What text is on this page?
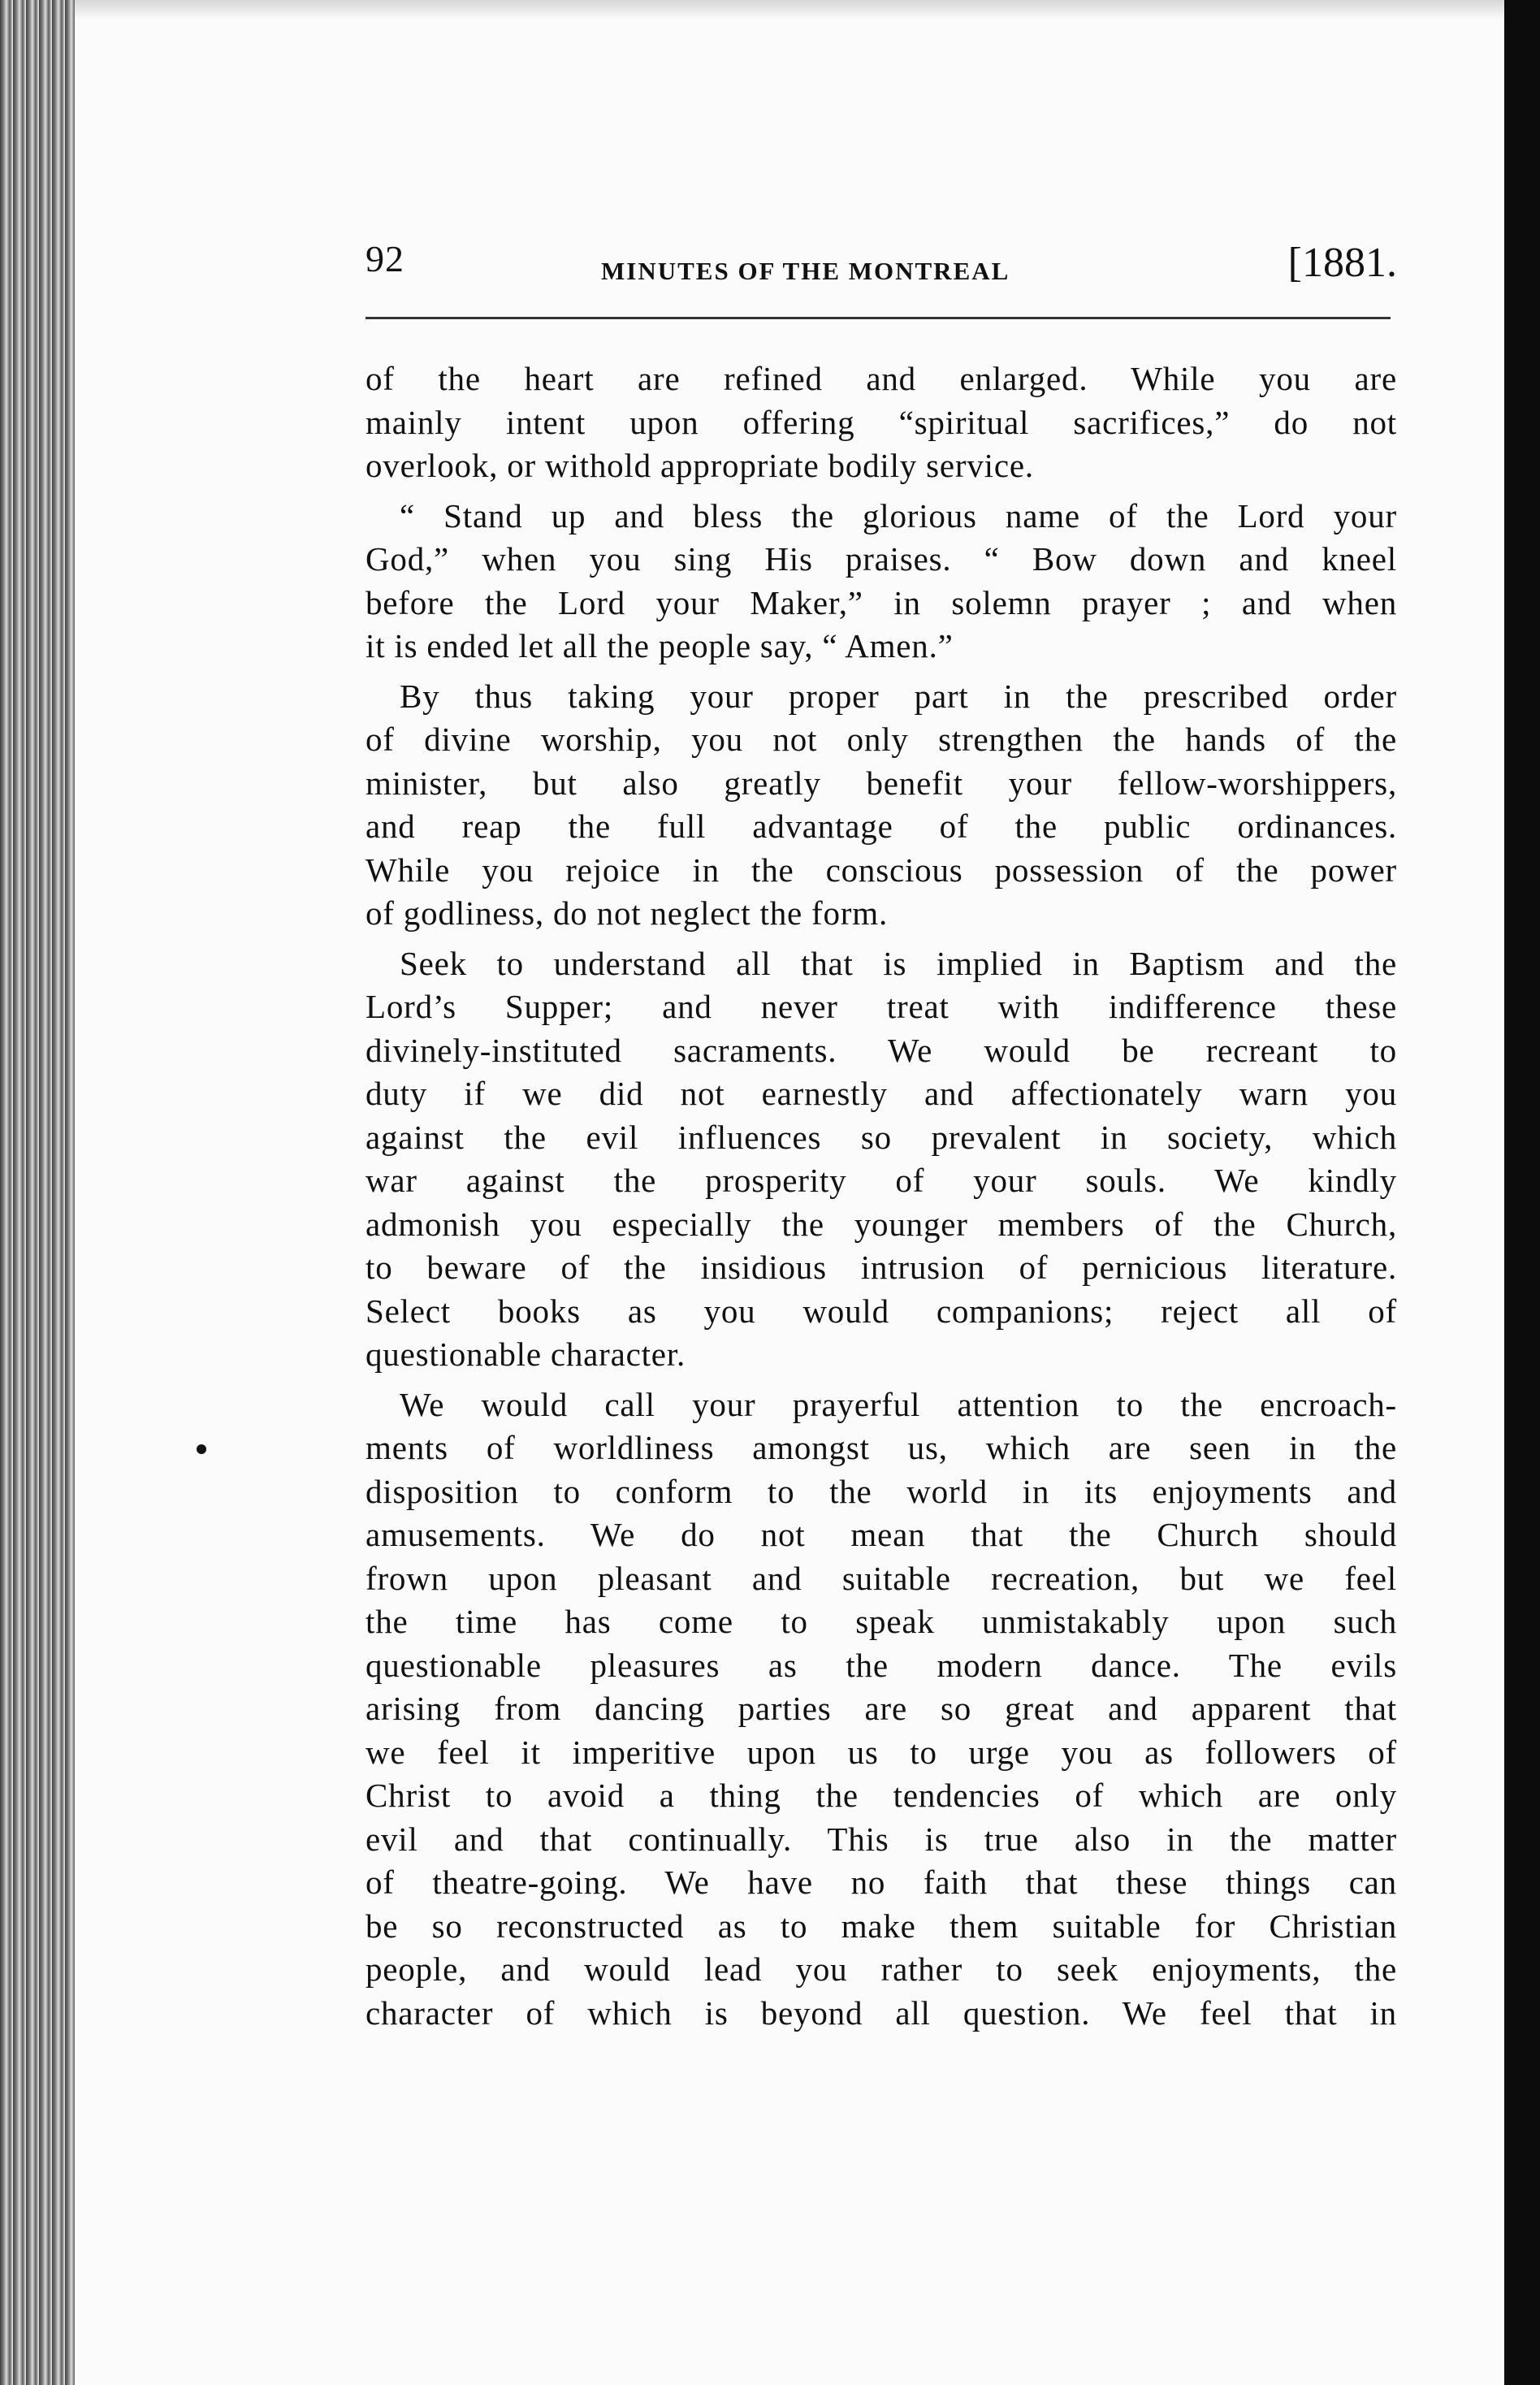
92	MINUTES OF THE MONTREAL	[1881.
of the heart are refined and enlarged. While you are
mainly intent upon offering “spiritual sacrifices,” do not
overlook, or withold appropriate bodily service.
“ Stand up and bless the glorious name of the Lord your
God,” when you sing His praises. “ Bow down and kneel
before the Lord your Maker,” in solemn prayer ; and when
it is ended let all the people say, “ Amen.”
By thus taking your proper part in the prescribed order
of divine worship, you not only strengthen the hands of the
minister, but also greatly benefit your fellow-worshippers,
and reap the full advantage of the public ordinances.
While you rejoice in the conscious possession of the power
of godliness, do not neglect the form.
Seek to understand all that is implied in Baptism and the
Lord’s Supper; and never treat with indifference these
divinely-instituted sacraments. We would be recreant to
duty if we did not earnestly and affectionately warn you
against the evil influences so prevalent in society, which
war against the prosperity of your souls. We kindly
admonish you especially the younger members of the Church,
to beware of the insidious intrusion of pernicious literature.
Select books as you would companions; reject all of
questionable character.
We would call your prayerful attention to the encroach-
ments of worldliness amongst us, which are seen in the
disposition to conform to the world in its enjoyments and
amusements. We do not mean that the Church should
frown upon pleasant and suitable recreation, but we feel
the time has come to speak unmistakably upon such
questionable pleasures as the modern dance. The evils
arising from dancing parties are so great and apparent that
we feel it imperitive upon us to urge you as followers of
Christ to avoid a thing the tendencies of which are only
evil and that continually. This is true also in the matter
of theatre-going. We have no faith that these things can
be so reconstructed as to make them suitable for Christian
people, and would lead you rather to seek enjoyments, the
character of which is beyond all question. We feel that in
